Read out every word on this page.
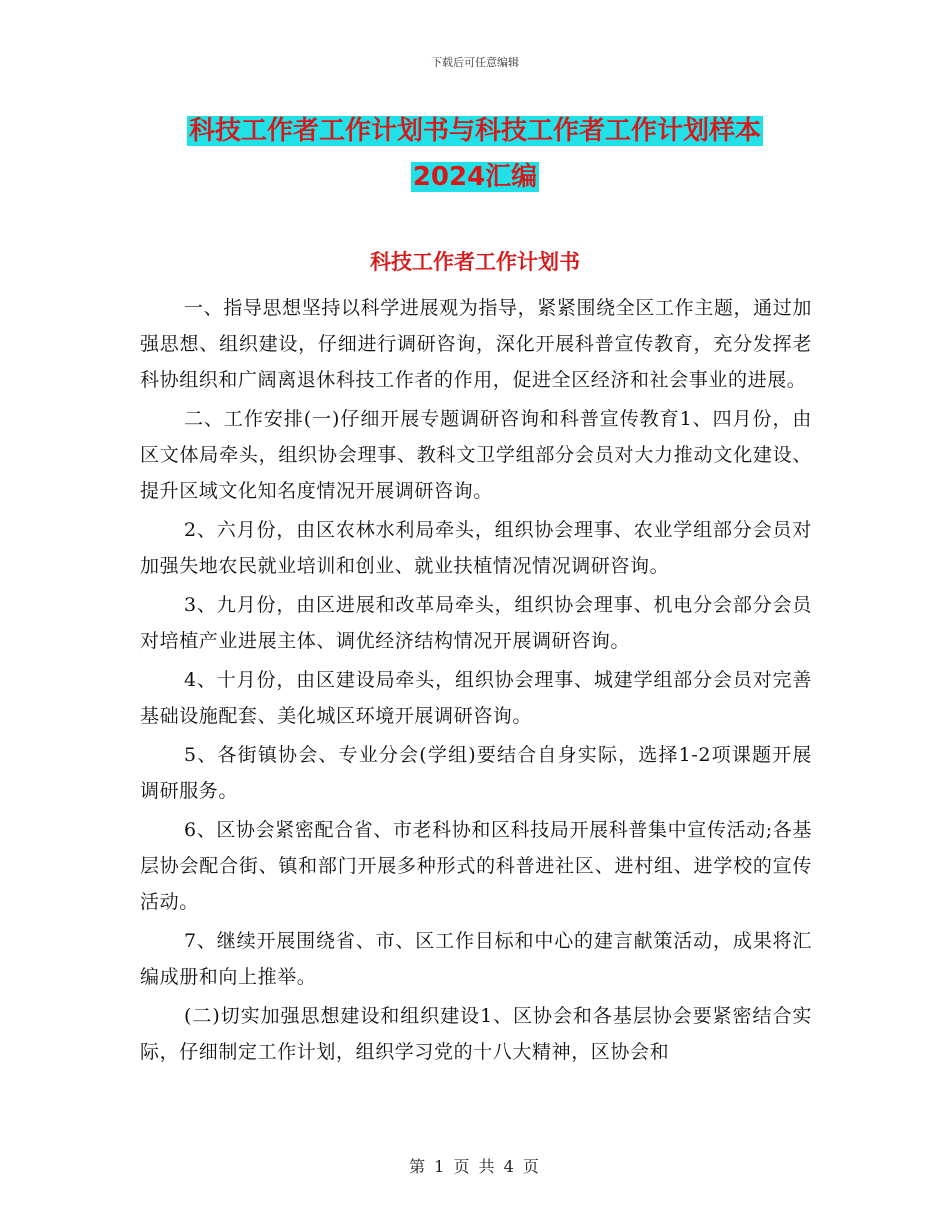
下载后可任意编辑
科技工作者工作计划书与科技工作者工作计划样本
2024汇编
科技工作者工作计划书

一、指导思想坚持以科学进展观为指导，紧紧围绕全区工作主题，通过加强思想、组织建设，仔细进行调研咨询，深化开展科普宣传教育，充分发挥老科协组织和广阔离退休科技工作者的作用，促进全区经济和社会事业的进展。

二、工作安排(一)仔细开展专题调研咨询和科普宣传教育1、四月份，由区文体局牵头，组织协会理事、教科文卫学组部分会员对大力推动文化建设、提升区域文化知名度情况开展调研咨询。

2、六月份，由区农林水利局牵头，组织协会理事、农业学组部分会员对加强失地农民就业培训和创业、就业扶植情况情况调研咨询。

3、九月份，由区进展和改革局牵头，组织协会理事、机电分会部分会员对培植产业进展主体、调优经济结构情况开展调研咨询。

4、十月份，由区建设局牵头，组织协会理事、城建学组部分会员对完善基础设施配套、美化城区环境开展调研咨询。

5、各街镇协会、专业分会(学组)要结合自身实际，选择1-2项课题开展调研服务。

6、区协会紧密配合省、市老科协和区科技局开展科普集中宣传活动;各基层协会配合街、镇和部门开展多种形式的科普进社区、进村组、进学校的宣传活动。

7、继续开展围绕省、市、区工作目标和中心的建言献策活动，成果将汇编成册和向上推举。

(二)切实加强思想建设和组织建设1、区协会和各基层协会要紧密结合实际，仔细制定工作计划，组织学习党的十八大精神，区协会和

第 1 页 共 4 页
